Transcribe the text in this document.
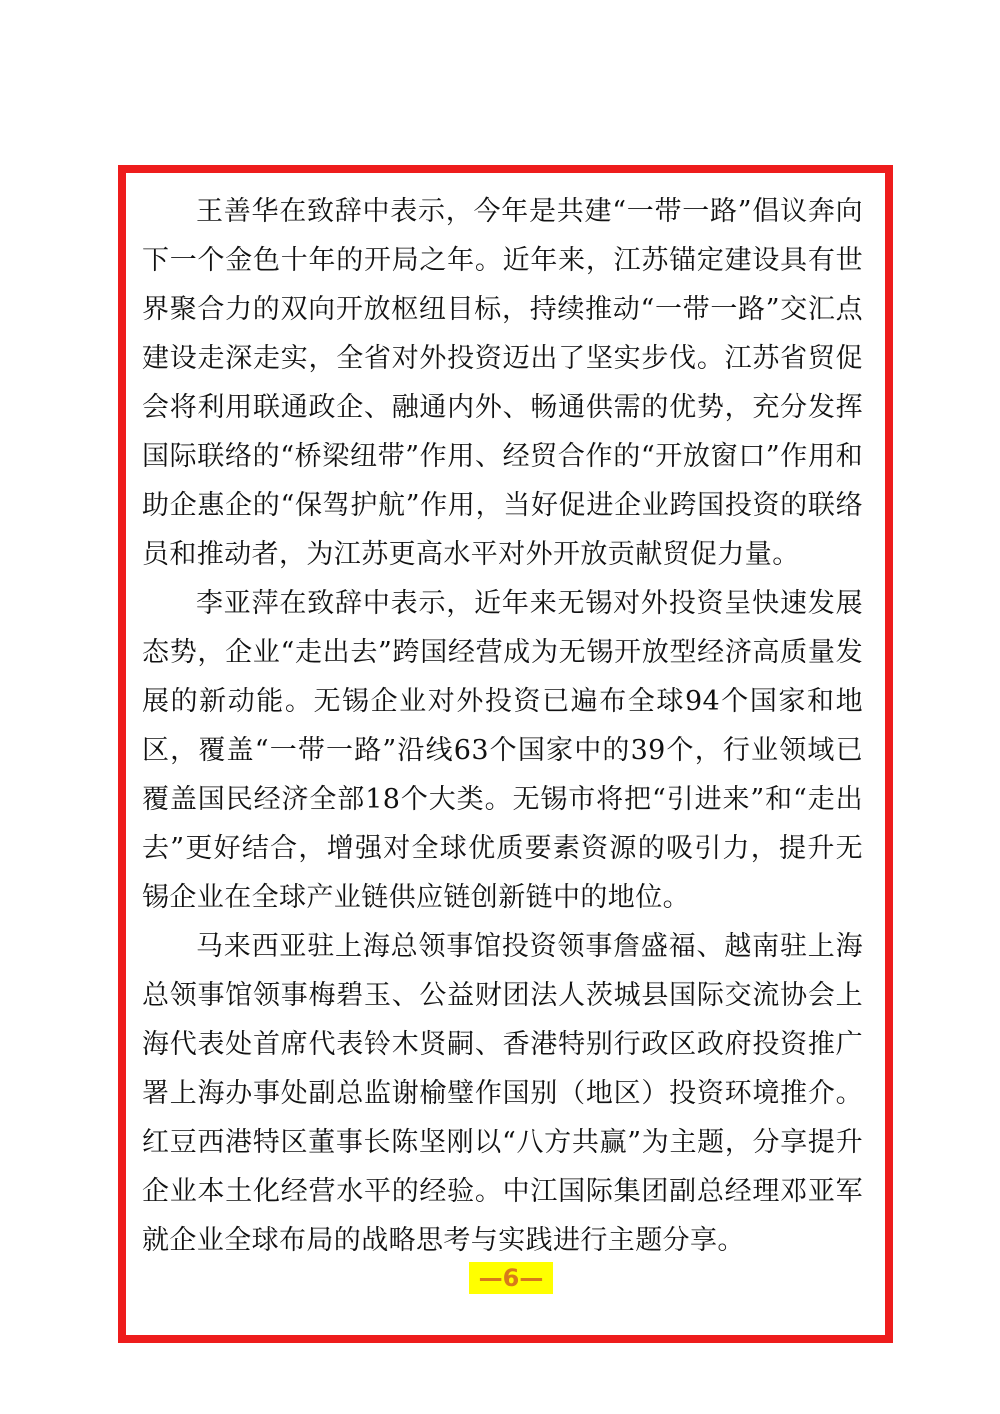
王善华在致辞中表示，今年是共建“一带一路”倡议奔向下一个金色十年的开局之年。近年来，江苏锚定建设具有世界聚合力的双向开放枢纽目标，持续推动“一带一路”交汇点建设走深走实，全省对外投资迈出了坚实步伐。江苏省贸促会将利用联通政企、融通内外、畅通供需的优势，充分发挥国际联络的“桥梁纽带”作用、经贸合作的“开放窗口”作用和助企惠企的“保驾护航”作用，当好促进企业跨国投资的联络员和推动者，为江苏更高水平对外开放贡献贸促力量。

李亚萍在致辞中表示，近年来无锡对外投资呈快速发展态势，企业“走出去”跨国经营成为无锡开放型经济高质量发展的新动能。无锡企业对外投资已遍布全球94个国家和地区，覆盖“一带一路”沿线63个国家中的39个，行业领域已覆盖国民经济全部18个大类。无锡市将把“引进来”和“走出去”更好结合，增强对全球优质要素资源的吸引力，提升无锡企业在全球产业链供应链创新链中的地位。

马来西亚驻上海总领事馆投资领事詹盛福、越南驻上海总领事馆领事梅碧玉、公益财团法人茨城县国际交流协会上海代表处首席代表铃木贤嗣、香港特别行政区政府投资推广署上海办事处副总监谢榆璧作国别（地区）投资环境推介。红豆西港特区董事长陈坚刚以“八方共赢”为主题，分享提升企业本土化经营水平的经验。中江国际集团副总经理邓亚军就企业全球布局的战略思考与实践进行主题分享。

—6—
